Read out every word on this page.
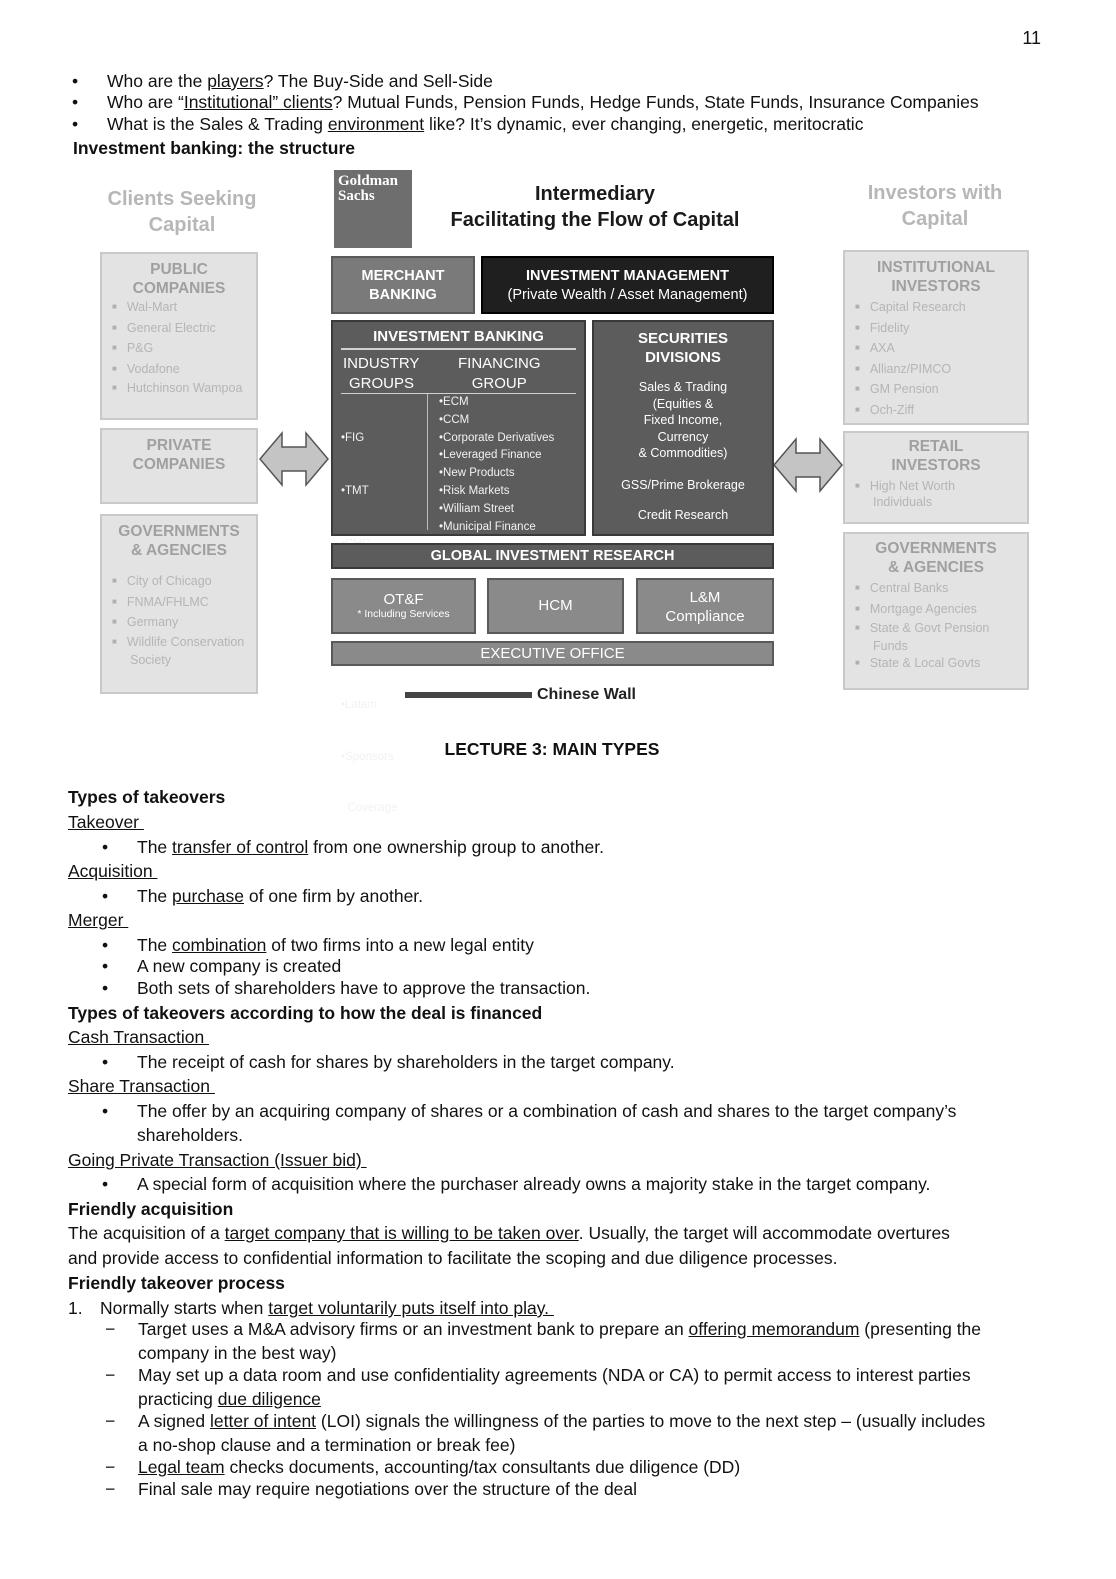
11
• Who are the players? The Buy-Side and Sell-Side
• Who are “Institutional” clients? Mutual Funds, Pension Funds, Hedge Funds, State Funds, Insurance Companies
• What is the Sales & Trading environment like? It’s dynamic, ever changing, energetic, meritocratic
Investment banking: the structure
Clients Seeking
Capital
Goldman
Sachs	Intermediary
Facilitating the Flow of Capital
Investors with
Capital
PUBLIC
COMPANIES
■ Wal-Mart
■ General Electric
■ P&G
■ Vodafone
■ Hutchinson Wampoa
PRIVATE
COMPANIES
GOVERNMENTS
& AGENCIES
■ City of Chicago
■ FNMA/FHLMC
■ Germany
■ Wildlife Conservation Society
MERCHANT
BANKING
INVESTMENT MANAGEMENT
(Private Wealth / Asset Management)
INVESTMENT BANKING
INDUSTRY
GROUPS
FINANCING
GROUP

•FIG

•TMT

•Latam

•Sponsors

Coverage

•ECM
•CCM
•Corporate Derivatives
•Leveraged Finance
•New Products
•Risk Markets
•William Street
•Municipal Finance
SECURITIES
DIVISIONS
Sales & Trading
(Equities &
Fixed Income,
Currency
& Commodities)
GSS/Prime Brokerage
Credit Research
GLOBAL INVESTMENT RESEARCH
OT&F
* Including Services	HCM	L&M
Compliance
EXECUTIVE OFFICE
Chinese Wall
INSTITUTIONAL
INVESTORS
■ Capital Research
■ Fidelity
■ AXA
■ Allianz/PIMCO
■ GM Pension
■ Och-Ziff
RETAIL
INVESTORS
■ High Net Worth Individuals
GOVERNMENTS
& AGENCIES
■ Central Banks
■ Mortgage Agencies
■ State & Govt Pension Funds
■ State & Local Govts
LECTURE 3: MAIN TYPES
Types of takeovers
Takeover
• The transfer of control from one ownership group to another.
Acquisition
• The purchase of one firm by another.
Merger
• The combination of two firms into a new legal entity
• A new company is created
• Both sets of shareholders have to approve the transaction.
Types of takeovers according to how the deal is financed
Cash Transaction
• The receipt of cash for shares by shareholders in the target company.
Share Transaction
• The offer by an acquiring company of shares or a combination of cash and shares to the target company’s
shareholders.
Going Private Transaction (Issuer bid)
• A special form of acquisition where the purchaser already owns a majority stake in the target company.
Friendly acquisition
The acquisition of a target company that is willing to be taken over. Usually, the target will accommodate overtures
and provide access to confidential information to facilitate the scoping and due diligence processes.
Friendly takeover process
1. Normally starts when target voluntarily puts itself into play.
− Target uses a M&A advisory firms or an investment bank to prepare an offering memorandum (presenting the
company in the best way)
− May set up a data room and use confidentiality agreements (NDA or CA) to permit access to interest parties
practicing due diligence
− A signed letter of intent (LOI) signals the willingness of the parties to move to the next step – (usually includes
a no-shop clause and a termination or break fee)
− Legal team checks documents, accounting/tax consultants due diligence (DD)
− Final sale may require negotiations over the structure of the deal
